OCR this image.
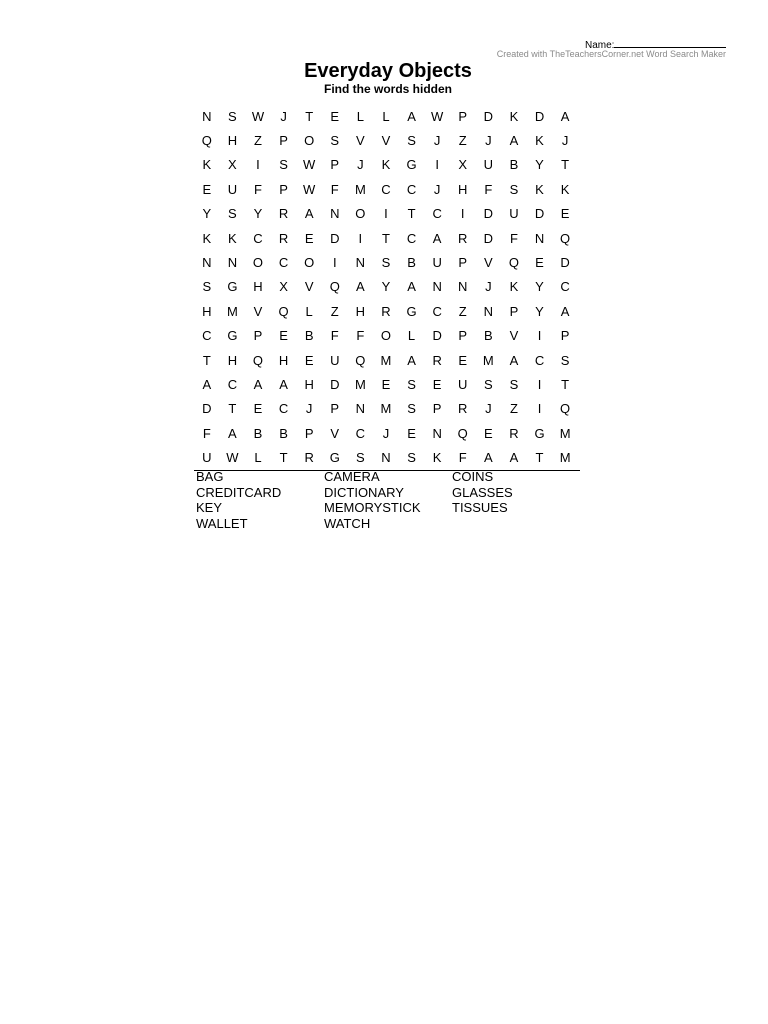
Name:
Created with TheTeachersCorner.net Word Search Maker
Everyday Objects
Find the words hidden
N	S	W	J	T	E	L	L	A	W	P	D	K	D	A
Q	H	Z	P	O	S	V	V	S	J	Z	J	A	K	J
K	X	I	S	W	P	J	K	G	I	X	U	B	Y	T
E	U	F	P	W	F	M	C	C	J	H	F	S	K	K
Y	S	Y	R	A	N	O	I	T	C	I	D	U	D	E
K	K	C	R	E	D	I	T	C	A	R	D	F	N	Q
N	N	O	C	O	I	N	S	B	U	P	V	Q	E	D
S	G	H	X	V	Q	A	Y	A	N	N	J	K	Y	C
H	M	V	Q	L	Z	H	R	G	C	Z	N	P	Y	A
C	G	P	E	B	F	F	O	L	D	P	B	V	I	P
T	H	Q	H	E	U	Q	M	A	R	E	M	A	C	S
A	C	A	A	H	D	M	E	S	E	U	S	S	I	T
D	T	E	C	J	P	N	M	S	P	R	J	Z	I	Q
F	A	B	B	P	V	C	J	E	N	Q	E	R	G	M
U	W	L	T	R	G	S	N	S	K	F	A	A	T	M
BAG	CAMERA	COINS
CREDITCARD	DICTIONARY	GLASSES
KEY	MEMORYSTICK	TISSUES
WALLET	WATCH
